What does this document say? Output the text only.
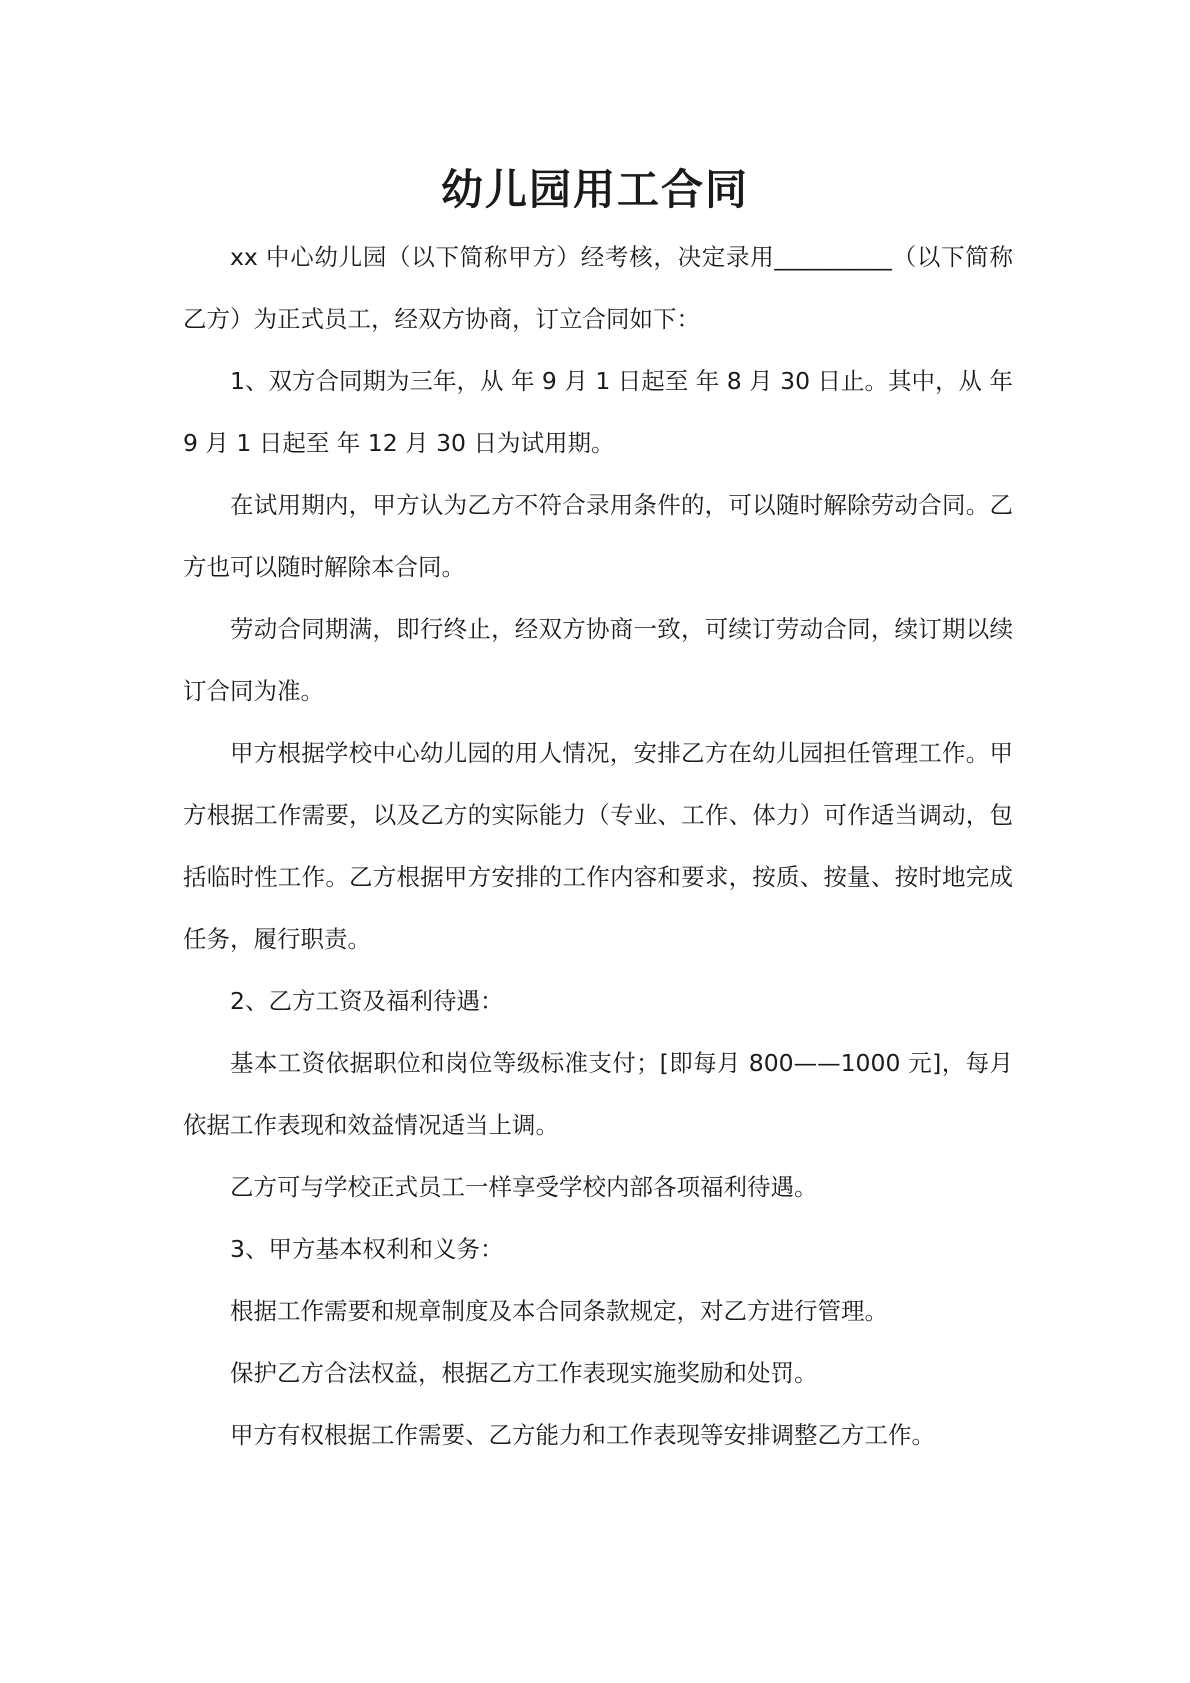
幼儿园用工合同

xx 中心幼儿园（以下简称甲方）经考核，决定录用__________（以下简称乙方）为正式员工，经双方协商，订立合同如下：

1、双方合同期为三年，从 年 9 月 1 日起至 年 8 月 30 日止。其中，从 年 9 月 1 日起至 年 12 月 30 日为试用期。

在试用期内，甲方认为乙方不符合录用条件的，可以随时解除劳动合同。乙方也可以随时解除本合同。

劳动合同期满，即行终止，经双方协商一致，可续订劳动合同，续订期以续订合同为准。

甲方根据学校中心幼儿园的用人情况，安排乙方在幼儿园担任管理工作。甲方根据工作需要，以及乙方的实际能力（专业、工作、体力）可作适当调动，包括临时性工作。乙方根据甲方安排的工作内容和要求，按质、按量、按时地完成任务，履行职责。

2、乙方工资及福利待遇：

基本工资依据职位和岗位等级标准支付；[即每月 800——1000 元]，每月依据工作表现和效益情况适当上调。

乙方可与学校正式员工一样享受学校内部各项福利待遇。

3、甲方基本权利和义务：

根据工作需要和规章制度及本合同条款规定，对乙方进行管理。

保护乙方合法权益，根据乙方工作表现实施奖励和处罚。

甲方有权根据工作需要、乙方能力和工作表现等安排调整乙方工作。
